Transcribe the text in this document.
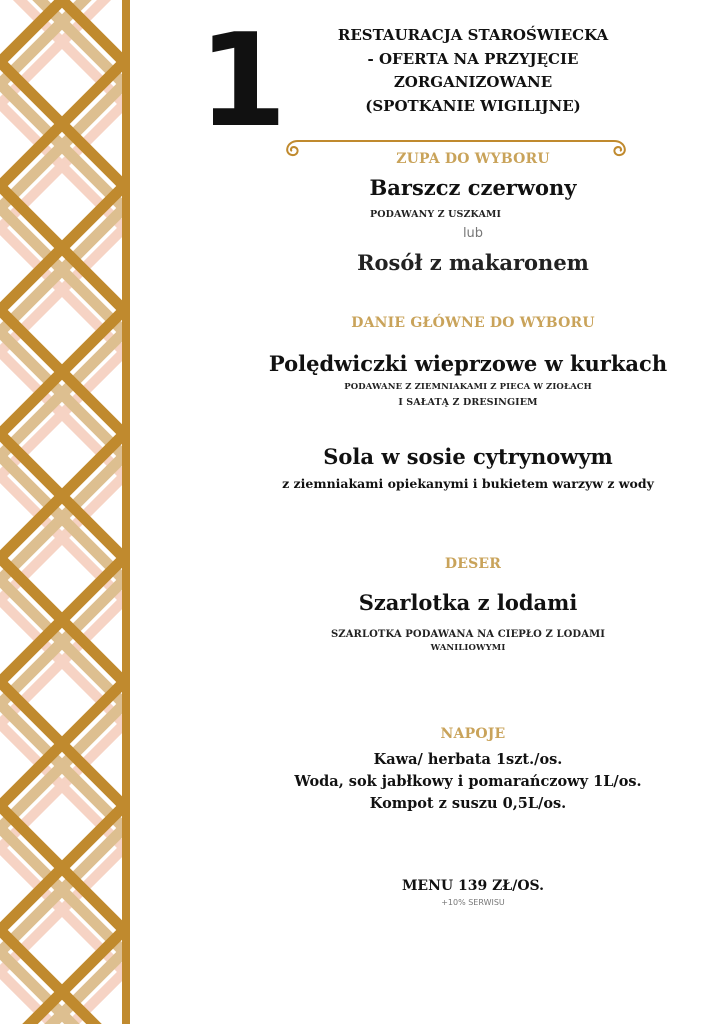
1	RESTAURACJA STAROŚWIECKA
- OFERTA NA PRZYJĘCIE
ZORGANIZOWANE
(SPOTKANIE WIGILIJNE)
ZUPA DO WYBORU
Barszcz czerwony
PODAWANY Z USZKAMI
lub
Rosół z makaronem
DANIE GŁÓWNE DO WYBORU
Polędwiczki wieprzowe w kurkach
PODAWANE Z ZIEMNIAKAMI Z PIECA W ZIOŁACH
I SAŁATĄ Z DRESINGIEM
Sola w sosie cytrynowym
z ziemniakami opiekanymi i bukietem warzyw z wody
DESER
Szarlotka z lodami
SZARLOTKA PODAWANA NA CIEPŁO Z LODAMI
WANILIOWYMI
NAPOJE
Kawa/ herbata 1szt./os.
Woda, sok jabłkowy i pomarańczowy 1L/os.
Kompot z suszu 0,5L/os.
MENU 139 ZŁ/OS.
+10% SERWISU
